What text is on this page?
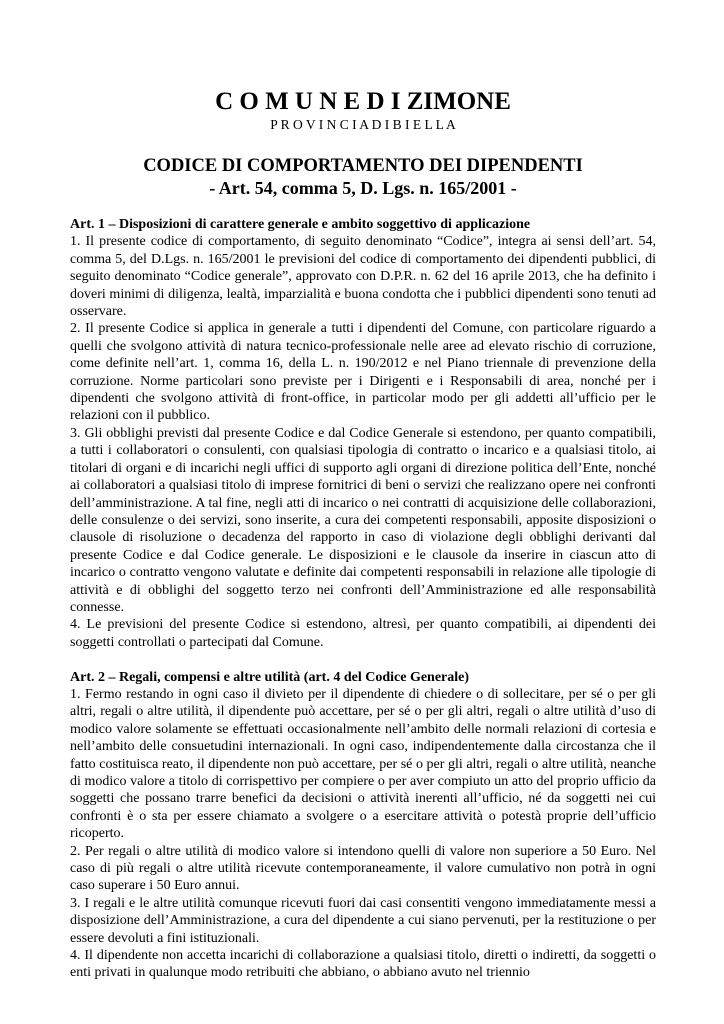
C O M U N E D I ZIMONE
P R O V I N C I A D I B I E L L A
CODICE DI COMPORTAMENTO DEI DIPENDENTI
- Art. 54, comma 5, D. Lgs. n. 165/2001 -
Art. 1 – Disposizioni di carattere generale e ambito soggettivo di applicazione

1. Il presente codice di comportamento, di seguito denominato “Codice”, integra ai sensi dell’art. 54, comma 5, del D.Lgs. n. 165/2001 le previsioni del codice di comportamento dei dipendenti pubblici, di seguito denominato “Codice generale”, approvato con D.P.R. n. 62 del 16 aprile 2013, che ha definito i doveri minimi di diligenza, lealtà, imparzialità e buona condotta che i pubblici dipendenti sono tenuti ad osservare.

2. Il presente Codice si applica in generale a tutti i dipendenti del Comune, con particolare riguardo a quelli che svolgono attività di natura tecnico-professionale nelle aree ad elevato rischio di corruzione, come definite nell’art. 1, comma 16, della L. n. 190/2012 e nel Piano triennale di prevenzione della corruzione. Norme particolari sono previste per i Dirigenti e i Responsabili di area, nonché per i dipendenti che svolgono attività di front-office, in particolar modo per gli addetti all’ufficio per le relazioni con il pubblico.

3. Gli obblighi previsti dal presente Codice e dal Codice Generale si estendono, per quanto compatibili, a tutti i collaboratori o consulenti, con qualsiasi tipologia di contratto o incarico e a qualsiasi titolo, ai titolari di organi e di incarichi negli uffici di supporto agli organi di direzione politica dell’Ente, nonché ai collaboratori a qualsiasi titolo di imprese fornitrici di beni o servizi che realizzano opere nei confronti dell’amministrazione. A tal fine, negli atti di incarico o nei contratti di acquisizione delle collaborazioni, delle consulenze o dei servizi, sono inserite, a cura dei competenti responsabili, apposite disposizioni o clausole di risoluzione o decadenza del rapporto in caso di violazione degli obblighi derivanti dal presente Codice e dal Codice generale. Le disposizioni e le clausole da inserire in ciascun atto di incarico o contratto vengono valutate e definite dai competenti responsabili in relazione alle tipologie di attività e di obblighi del soggetto terzo nei confronti dell’Amministrazione ed alle responsabilità connesse.

4. Le previsioni del presente Codice si estendono, altresì, per quanto compatibili, ai dipendenti dei soggetti controllati o partecipati dal Comune.

Art. 2 – Regali, compensi e altre utilità (art. 4 del Codice Generale)

1. Fermo restando in ogni caso il divieto per il dipendente di chiedere o di sollecitare, per sé o per gli altri, regali o altre utilità, il dipendente può accettare, per sé o per gli altri, regali o altre utilità d’uso di modico valore solamente se effettuati occasionalmente nell’ambito delle normali relazioni di cortesia e nell’ambito delle consuetudini internazionali. In ogni caso, indipendentemente dalla circostanza che il fatto costituisca reato, il dipendente non può accettare, per sé o per gli altri, regali o altre utilità, neanche di modico valore a titolo di corrispettivo per compiere o per aver compiuto un atto del proprio ufficio da soggetti che possano trarre benefici da decisioni o attività inerenti all’ufficio, né da soggetti nei cui confronti è o sta per essere chiamato a svolgere o a esercitare attività o potestà proprie dell’ufficio ricoperto.

2. Per regali o altre utilità di modico valore si intendono quelli di valore non superiore a 50 Euro. Nel caso di più regali o altre utilità ricevute contemporaneamente, il valore cumulativo non potrà in ogni caso superare i 50 Euro annui.

3. I regali e le altre utilità comunque ricevuti fuori dai casi consentiti vengono immediatamente messi a disposizione dell’Amministrazione, a cura del dipendente a cui siano pervenuti, per la restituzione o per essere devoluti a fini istituzionali.

4. Il dipendente non accetta incarichi di collaborazione a qualsiasi titolo, diretti o indiretti, da soggetti o enti privati in qualunque modo retribuiti che abbiano, o abbiano avuto nel triennio
